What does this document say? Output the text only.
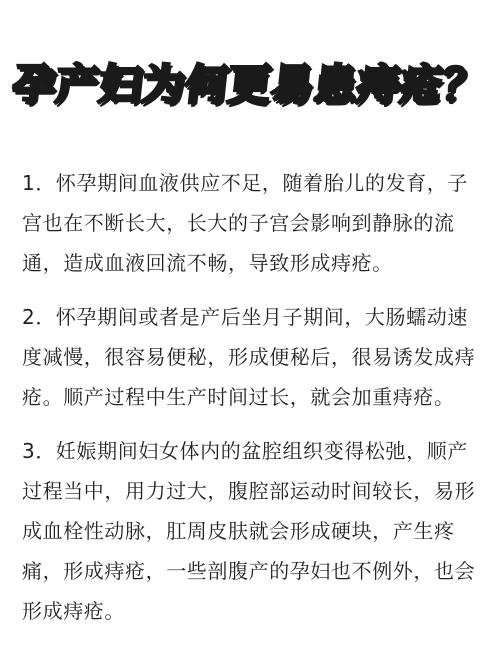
孕产妇为何更易患痔疮？

1．怀孕期间血液供应不足，随着胎儿的发育，子宫也在不断长大，长大的子宫会影响到静脉的流通，造成血液回流不畅，导致形成痔疮。

2．怀孕期间或者是产后坐月子期间，大肠蠕动速度减慢，很容易便秘，形成便秘后，很易诱发成痔疮。顺产过程中生产时间过长，就会加重痔疮。

3．妊娠期间妇女体内的盆腔组织变得松弛，顺产过程当中，用力过大，腹腔部运动时间较长，易形成血栓性动脉，肛周皮肤就会形成硬块，产生疼痛，形成痔疮，一些剖腹产的孕妇也不例外，也会形成痔疮。
